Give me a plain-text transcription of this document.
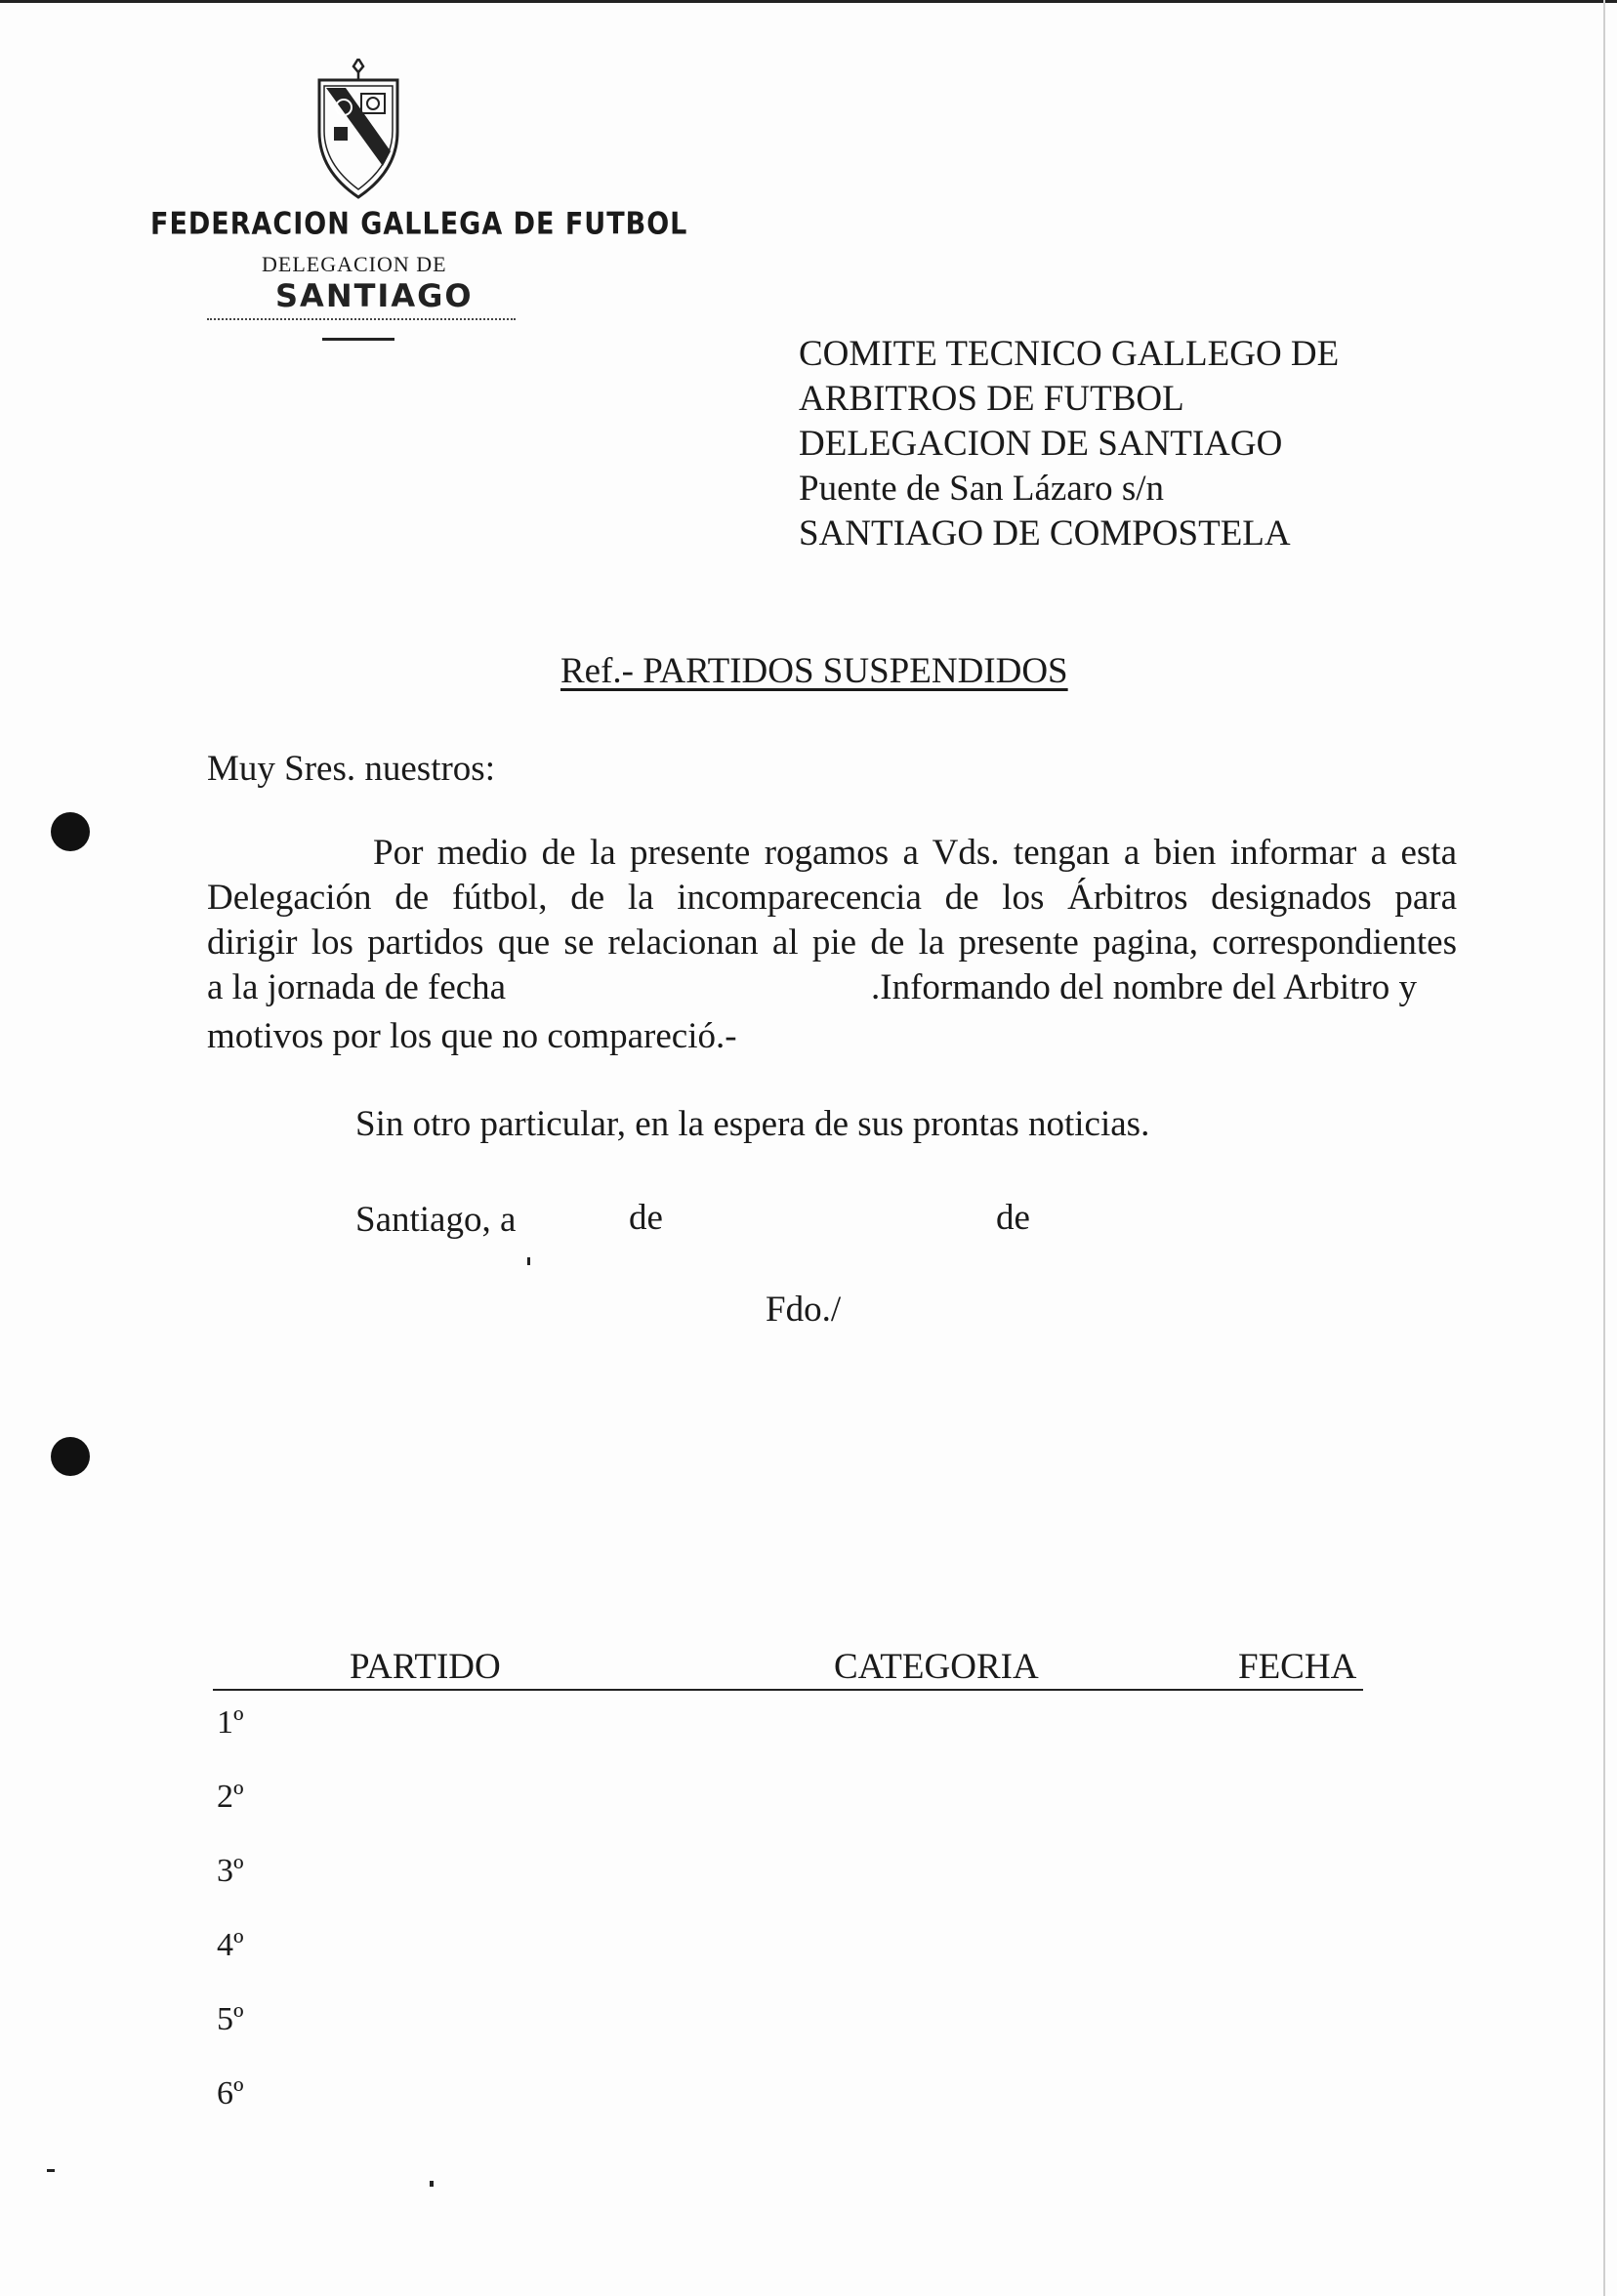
FEDERACION GALLEGA DE FUTBOL
DELEGACION DE
SANTIAGO
COMITE TECNICO GALLEGO DE
ARBITROS DE FUTBOL
DELEGACION DE SANTIAGO
Puente de San Lázaro s/n
SANTIAGO DE COMPOSTELA
Ref.- PARTIDOS SUSPENDIDOS
Muy Sres. nuestros:
Por medio de la presente rogamos a Vds. tengan a bien informar a esta
Delegación de fútbol, de la incomparecencia de los Árbitros designados para
dirigir los partidos que se relacionan al pie de la presente pagina, correspondientes
a la jornada de fecha	.Informando del nombre del Arbitro y
motivos por los que no compareció.-
Sin otro particular, en la espera de sus prontas noticias.
Santiago, a	de	de
Fdo./
PARTIDO	CATEGORIA	FECHA
1º
2º
3º
4º
5º
6º
